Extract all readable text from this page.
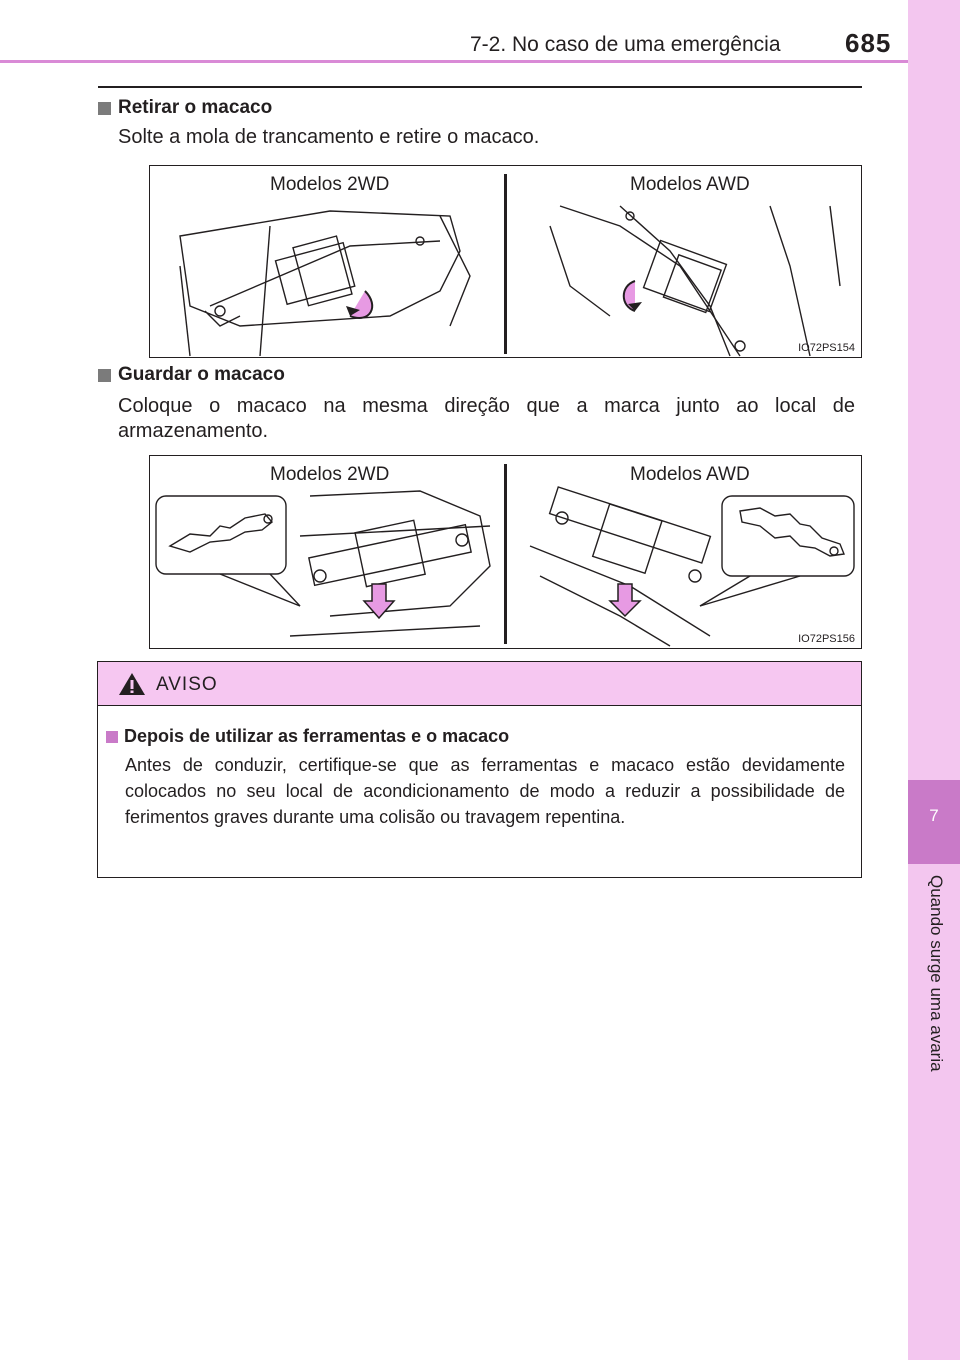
7-2. No caso de uma emergência 685
7
Quando surge uma avaria
Retirar o macaco
Solte a mola de trancamento e retire o macaco.
Modelos 2WD	Modelos AWD
IO72PS154
Guardar o macaco
Coloque o macaco na mesma direção que a marca junto ao local de armazenamento.
Modelos 2WD	Modelos AWD
IO72PS156
AVISO
Depois de utilizar as ferramentas e o macaco
Antes de conduzir, certifique-se que as ferramentas e macaco estão devidamente colocados no seu local de acondicionamento de modo a reduzir a possibilidade de ferimentos graves durante uma colisão ou travagem repentina.
